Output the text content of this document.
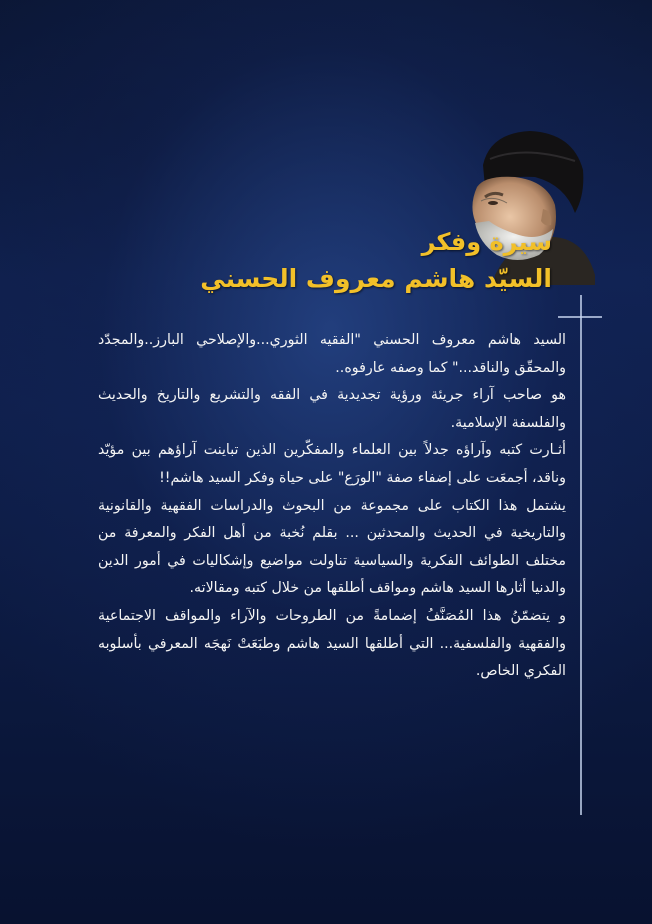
سيرة وفكر
السيّد هاشم معروف الحسني

السيد هاشم معروف الحسني "الفقيه الثوري...والإصلاحي البارز..والمجدّد والمحقّق والناقد..." كما وصفه عارفوه..

هو صاحب آراء جريئة ورؤية تجديدية في الفقه والتشريع والتاريخ والحديث والفلسفة الإسلامية.

أثـارت كتبه وآراؤه جدلاً بين العلماء والمفكّرين الذين تباينت آراؤهم بين مؤيّد وناقد، أجمعَت على إضفاء صفة "الورَع" على حياة وفكر السيد هاشم!!

يشتمل هذا الكتاب على مجموعة من البحوث والدراسات الفقهية والقانونية والتاريخية في الحديث والمحدثين ... بقلم نُخبة من أهل الفكر والمعرفة من مختلف الطوائف الفكرية والسياسية تناولت مواضيع وإشكاليات في أمور الدين والدنيا أثارها السيد هاشم ومواقف أطلقها من خلال كتبه ومقالاته.

و يتضمّنُ هذا المُصَنَّفُ إضمامةً من الطروحات والآراء والمواقف الاجتماعية والفقهية والفلسفية... التي أطلقها السيد هاشم وطبَعَتْ نَهجَه المعرفي بأسلوبه الفكري الخاص.
